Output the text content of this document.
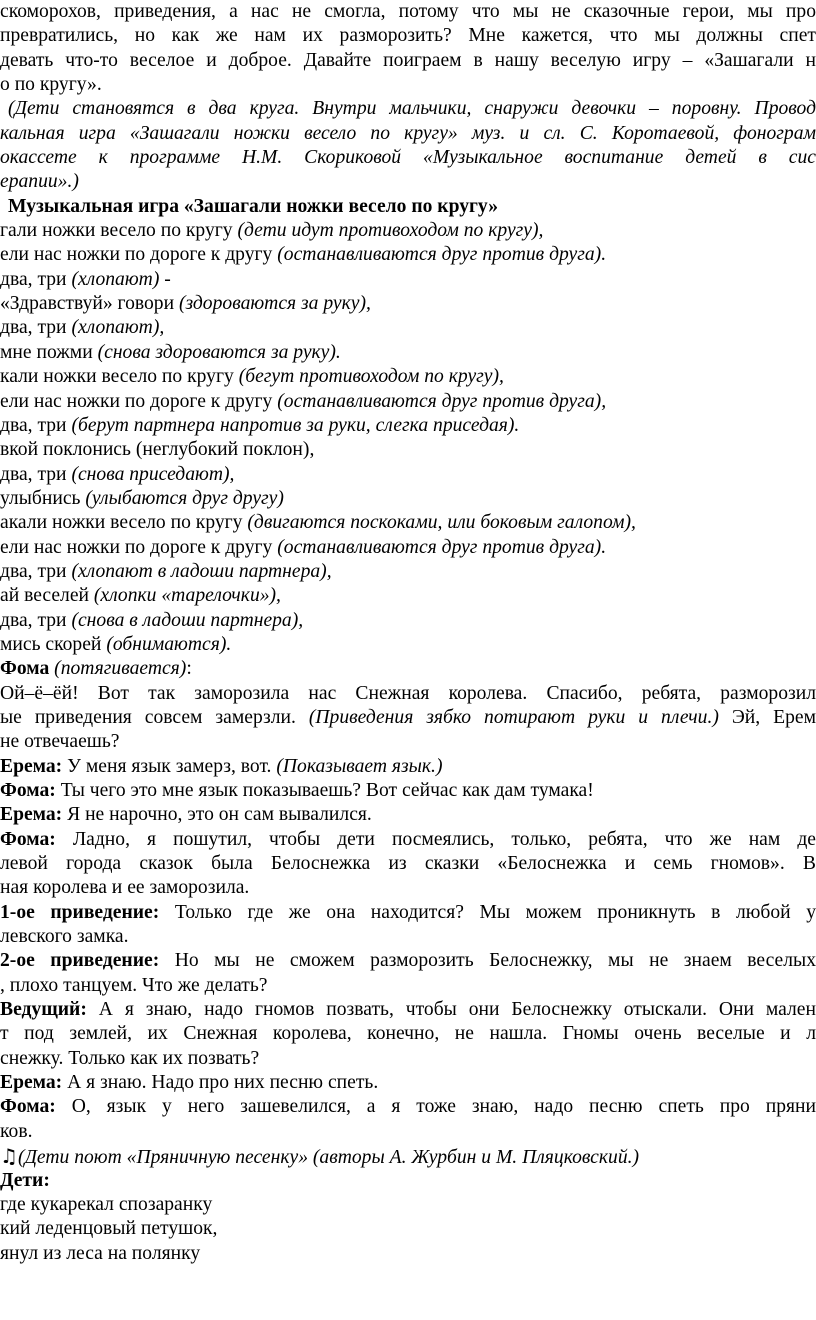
скоморохов, приведения, а нас не смогла, потому что мы не сказочные герои, мы про
превратились, но как же нам их разморозить? Мне кажется, что мы должны спет
девать что-то веселое и доброе. Давайте поиграем в нашу веселую игру – «Зашагали н
о по кругу».
(Дети становятся в два круга. Внутри мальчики, снаружи девочки – поровну. Провод
кальная игра «Зашагали ножки весело по кругу» муз. и сл. С. Коротаевой, фонограм
окассете к программе Н.М. Скориковой «Музыкальное воспитание детей в сис
ерапии».)
Музыкальная игра «Зашагали ножки весело по кругу»
гали ножки весело по кругу (дети идут противоходом по кругу),
ели нас ножки по дороге к другу (останавливаются друг против друга).
два, три (хлопают) -
«Здравствуй» говори (здороваются за руку),
два, три (хлопают),
мне пожми (снова здороваются за руку).
кали ножки весело по кругу (бегут противоходом по кругу),
ели нас ножки по дороге к другу (останавливаются друг против друга),
два, три (берут партнера напротив за руки, слегка приседая).
вкой поклонись (неглубокий поклон),
два, три (снова приседают),
улыбнись (улыбаются друг другу)
акали ножки весело по кругу (двигаются поскоками, или боковым галопом),
ели нас ножки по дороге к другу (останавливаются друг против друга).
два, три (хлопают в ладоши партнера),
ай веселей (хлопки «тарелочки»),
два, три (снова в ладоши партнера),
мись скорей (обнимаются).
Фома (потягивается):
Ой–ё–ёй! Вот так заморозила нас Снежная королева. Спасибо, ребята, разморозил
ые приведения совсем замерзли. (Приведения зябко потирают руки и плечи.) Эй, Ерем
не отвечаешь?
Ерема: У меня язык замерз, вот. (Показывает язык.)
Фома: Ты чего это мне язык показываешь? Вот сейчас как дам тумака!
Ерема: Я не нарочно, это он сам вывалился.
Фома: Ладно, я пошутил, чтобы дети посмеялись, только, ребята, что же нам де
левой города сказок была Белоснежка из сказки «Белоснежка и семь гномов». В
ная королева и ее заморозила.
1-ое приведение: Только где же она находится? Мы можем проникнуть в любой у
левского замка.
2-ое приведение: Но мы не сможем разморозить Белоснежку, мы не знаем веселых
, плохо танцуем. Что же делать?
Ведущий: А я знаю, надо гномов позвать, чтобы они Белоснежку отыскали. Они мален
т под землей, их Снежная королева, конечно, не нашла. Гномы очень веселые и л
снежку. Только как их позвать?
Ерема: А я знаю. Надо про них песню спеть.
Фома: О, язык у него зашевелился, а я тоже знаю, надо песню спеть про пряни
ков.
♫(Дети поют «Пряничную песенку» (авторы А. Журбин и М. Пляцковский.)
Дети:
где кукарекал спозаранку
кий леденцовый петушок,
янул из леса на полянку
